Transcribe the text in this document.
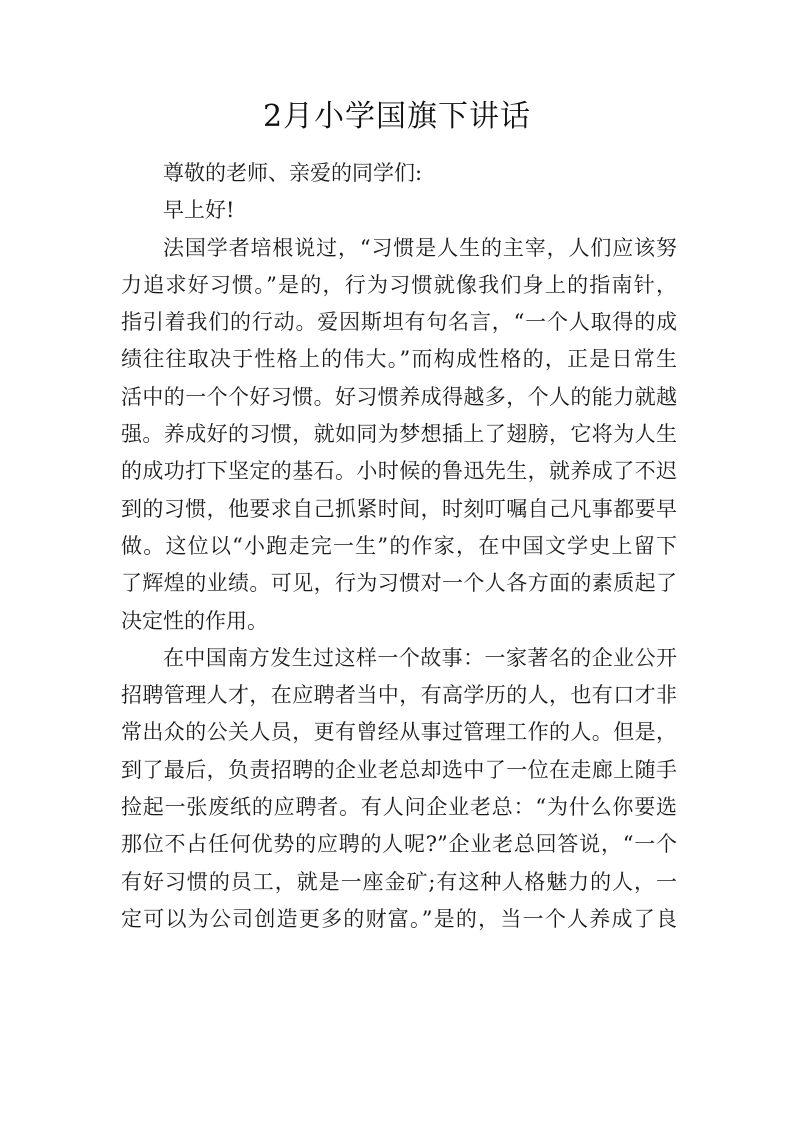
2月小学国旗下讲话
尊敬的老师、亲爱的同学们:
早上好!
法国学者培根说过，“习惯是人生的主宰，人们应该努
力追求好习惯。”是的，行为习惯就像我们身上的指南针，
指引着我们的行动。爱因斯坦有句名言，“一个人取得的成
绩往往取决于性格上的伟大。”而构成性格的，正是日常生
活中的一个个好习惯。好习惯养成得越多，个人的能力就越
强。养成好的习惯，就如同为梦想插上了翅膀，它将为人生
的成功打下坚定的基石。小时候的鲁迅先生，就养成了不迟
到的习惯，他要求自己抓紧时间，时刻叮嘱自己凡事都要早
做。这位以“小跑走完一生”的作家，在中国文学史上留下
了辉煌的业绩。可见，行为习惯对一个人各方面的素质起了
决定性的作用。
在中国南方发生过这样一个故事：一家著名的企业公开
招聘管理人才，在应聘者当中，有高学历的人，也有口才非
常出众的公关人员，更有曾经从事过管理工作的人。但是，
到了最后，负责招聘的企业老总却选中了一位在走廊上随手
捡起一张废纸的应聘者。有人问企业老总：“为什么你要选
那位不占任何优势的应聘的人呢?”企业老总回答说，“一个
有好习惯的员工，就是一座金矿;有这种人格魅力的人，一
定可以为公司创造更多的财富。”是的，当一个人养成了良
